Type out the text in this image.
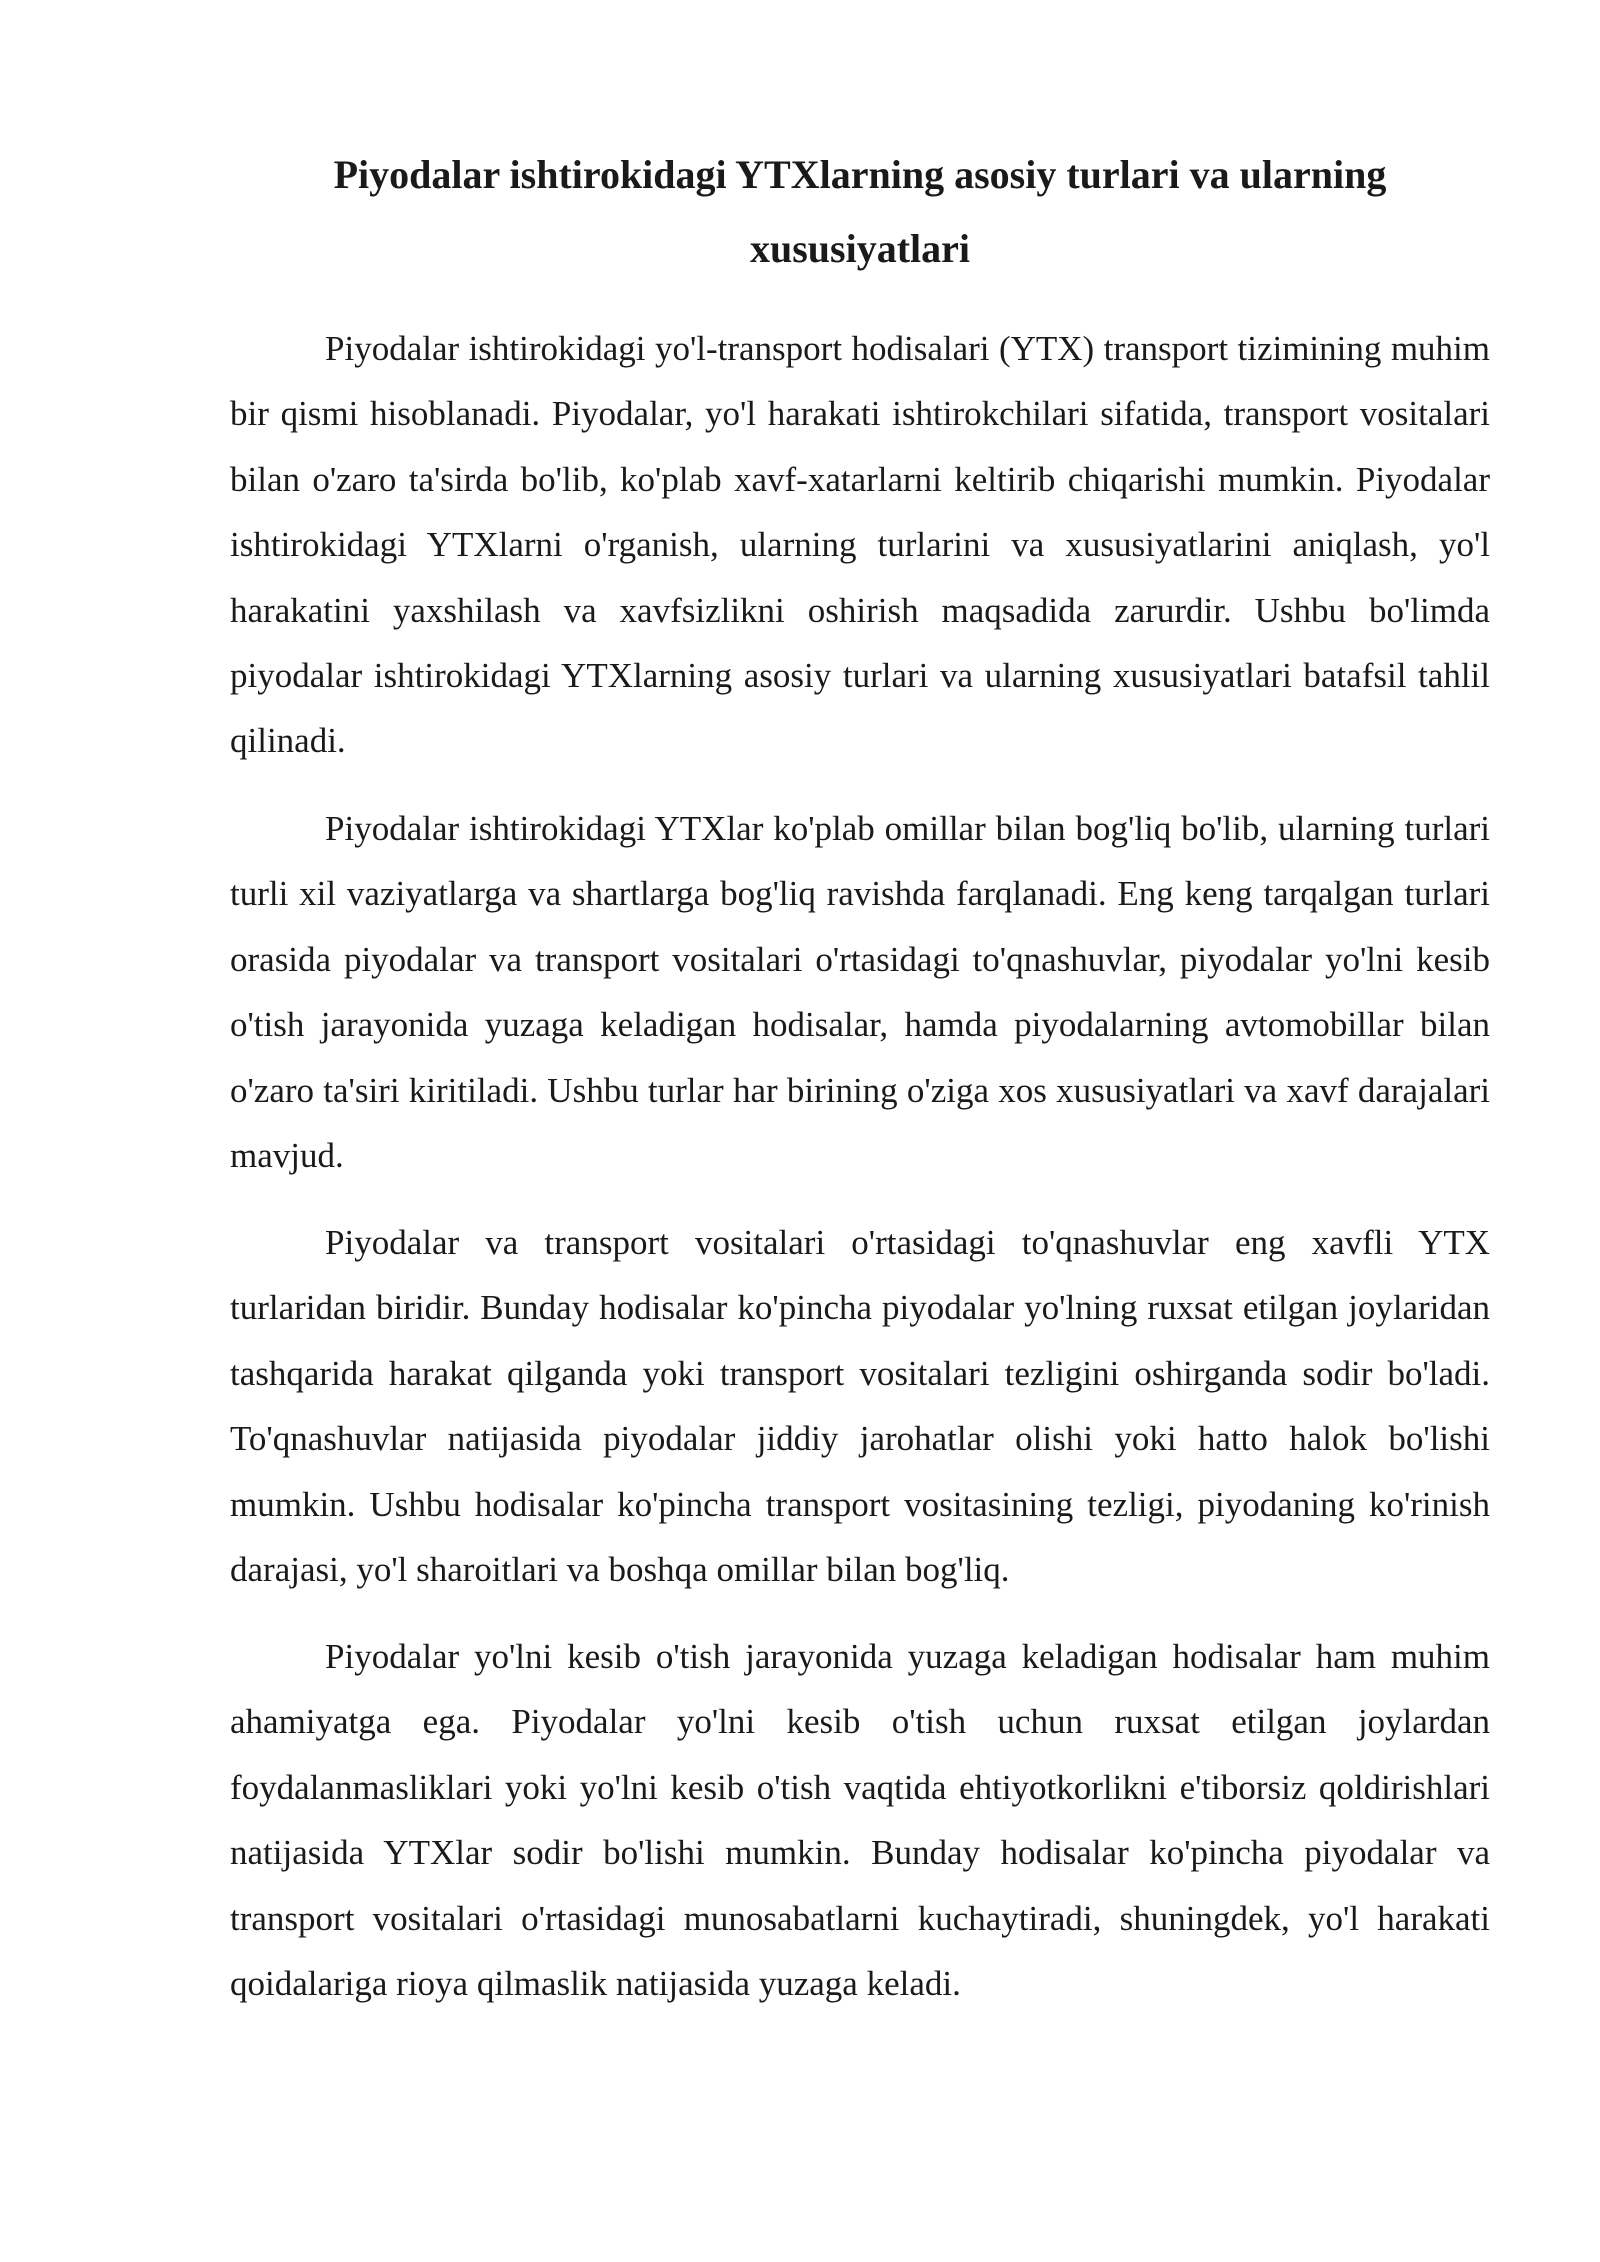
Piyodalar ishtirokidagi YTXlarning asosiy turlari va ularning xususiyatlari

Piyodalar ishtirokidagi yo'l-transport hodisalari (YTX) transport tizimining muhim bir qismi hisoblanadi. Piyodalar, yo'l harakati ishtirokchilari sifatida, transport vositalari bilan o'zaro ta'sirda bo'lib, ko'plab xavf-xatarlarni keltirib chiqarishi mumkin. Piyodalar ishtirokidagi YTXlarni o'rganish, ularning turlarini va xususiyatlarini aniqlash, yo'l harakatini yaxshilash va xavfsizlikni oshirish maqsadida zarurdir. Ushbu bo'limda piyodalar ishtirokidagi YTXlarning asosiy turlari va ularning xususiyatlari batafsil tahlil qilinadi.

Piyodalar ishtirokidagi YTXlar ko'plab omillar bilan bog'liq bo'lib, ularning turlari turli xil vaziyatlarga va shartlarga bog'liq ravishda farqlanadi. Eng keng tarqalgan turlari orasida piyodalar va transport vositalari o'rtasidagi to'qnashuvlar, piyodalar yo'lni kesib o'tish jarayonida yuzaga keladigan hodisalar, hamda piyodalarning avtomobillar bilan o'zaro ta'siri kiritiladi. Ushbu turlar har birining o'ziga xos xususiyatlari va xavf darajalari mavjud.

Piyodalar va transport vositalari o'rtasidagi to'qnashuvlar eng xavfli YTX turlaridan biridir. Bunday hodisalar ko'pincha piyodalar yo'lning ruxsat etilgan joylaridan tashqarida harakat qilganda yoki transport vositalari tezligini oshirganda sodir bo'ladi. To'qnashuvlar natijasida piyodalar jiddiy jarohatlar olishi yoki hatto halok bo'lishi mumkin. Ushbu hodisalar ko'pincha transport vositasining tezligi, piyodaning ko'rinish darajasi, yo'l sharoitlari va boshqa omillar bilan bog'liq.

Piyodalar yo'lni kesib o'tish jarayonida yuzaga keladigan hodisalar ham muhim ahamiyatga ega. Piyodalar yo'lni kesib o'tish uchun ruxsat etilgan joylardan foydalanmasliklari yoki yo'lni kesib o'tish vaqtida ehtiyotkorlikni e'tiborsiz qoldirishlari natijasida YTXlar sodir bo'lishi mumkin. Bunday hodisalar ko'pincha piyodalar va transport vositalari o'rtasidagi munosabatlarni kuchaytiradi, shuningdek, yo'l harakati qoidalariga rioya qilmaslik natijasida yuzaga keladi.
